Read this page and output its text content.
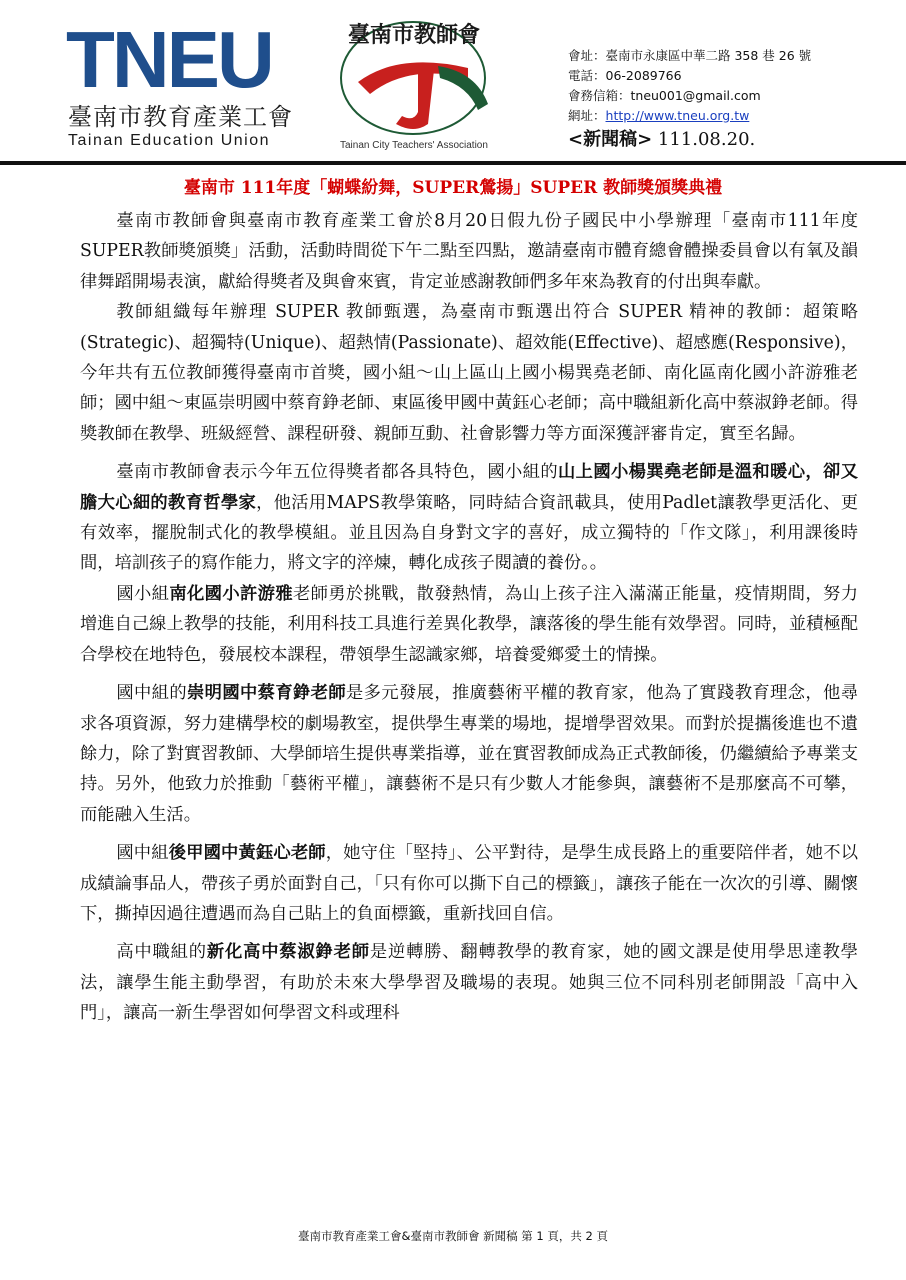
TNEU
臺南市教育產業工會
Tainan Education Union
臺南市教師會
Tainan City Teachers' Association
會址：臺南市永康區中華二路 358 巷 26 號
電話：06-2089766
會務信箱：tneu001@gmail.com
網址：http://www.tneu.org.tw
<新聞稿> 111.08.20.
臺南市 111年度「蝴蝶紛舞，SUPER鶯揚」SUPER 教師獎頒獎典禮

臺南市教師會與臺南市教育產業工會於8月20日假九份子國民中小學辦理「臺南市111年度SUPER教師獎頒獎」活動，活動時間從下午二點至四點，邀請臺南市體育總會體操委員會以有氧及韻律舞蹈開場表演，獻給得獎者及與會來賓，肯定並感謝教師們多年來為教育的付出與奉獻。

教師組織每年辦理 SUPER 教師甄選，為臺南市甄選出符合 SUPER 精神的教師：超策略(Strategic)、超獨特(Unique)、超熱情(Passionate)、超效能(Effective)、超感應(Responsive)，今年共有五位教師獲得臺南市首獎，國小組～山上區山上國小楊巽堯老師、南化區南化國小許游雅老師；國中組～東區崇明國中蔡育錚老師、東區後甲國中黃鈺心老師；高中職組新化高中蔡淑錚老師。得獎教師在教學、班級經營、課程研發、親師互動、社會影響力等方面深獲評審肯定，實至名歸。

臺南市教師會表示今年五位得獎者都各具特色，國小組的山上國小楊巽堯老師是溫和暖心，卻又膽大心細的教育哲學家，他活用MAPS教學策略，同時結合資訊載具，使用Padlet讓教學更活化、更有效率，擺脫制式化的教學模組。並且因為自身對文字的喜好，成立獨特的「作文隊」，利用課後時間，培訓孩子的寫作能力，將文字的淬煉，轉化成孩子閱讀的養份。。

國小組南化國小許游雅老師勇於挑戰，散發熱情，為山上孩子注入滿滿正能量，疫情期間，努力增進自己線上教學的技能，利用科技工具進行差異化教學，讓落後的學生能有效學習。同時，並積極配合學校在地特色，發展校本課程，帶領學生認識家鄉，培養愛鄉愛土的情操。

國中組的崇明國中蔡育錚老師是多元發展，推廣藝術平權的教育家，他為了實踐教育理念，他尋求各項資源，努力建構學校的劇場教室，提供學生專業的場地，提增學習效果。而對於提攜後進也不遺餘力，除了對實習教師、大學師培生提供專業指導，並在實習教師成為正式教師後，仍繼續給予專業支持。另外，他致力於推動「藝術平權」，讓藝術不是只有少數人才能參與，讓藝術不是那麼高不可攀，而能融入生活。

國中組後甲國中黃鈺心老師，她守住「堅持」、公平對待，是學生成長路上的重要陪伴者，她不以成績論事品人，帶孩子勇於面對自己，「只有你可以撕下自己的標籤」，讓孩子能在一次次的引導、關懷下，撕掉因過往遭遇而為自己貼上的負面標籤，重新找回自信。

高中職組的新化高中蔡淑錚老師是逆轉勝、翻轉教學的教育家，她的國文課是使用學思達教學法，讓學生能主動學習，有助於未來大學學習及職場的表現。她與三位不同科別老師開設「高中入門」，讓高一新生學習如何學習文科或理科

臺南市教育產業工會&臺南市教師會 新聞稿 第 1 頁，共 2 頁
